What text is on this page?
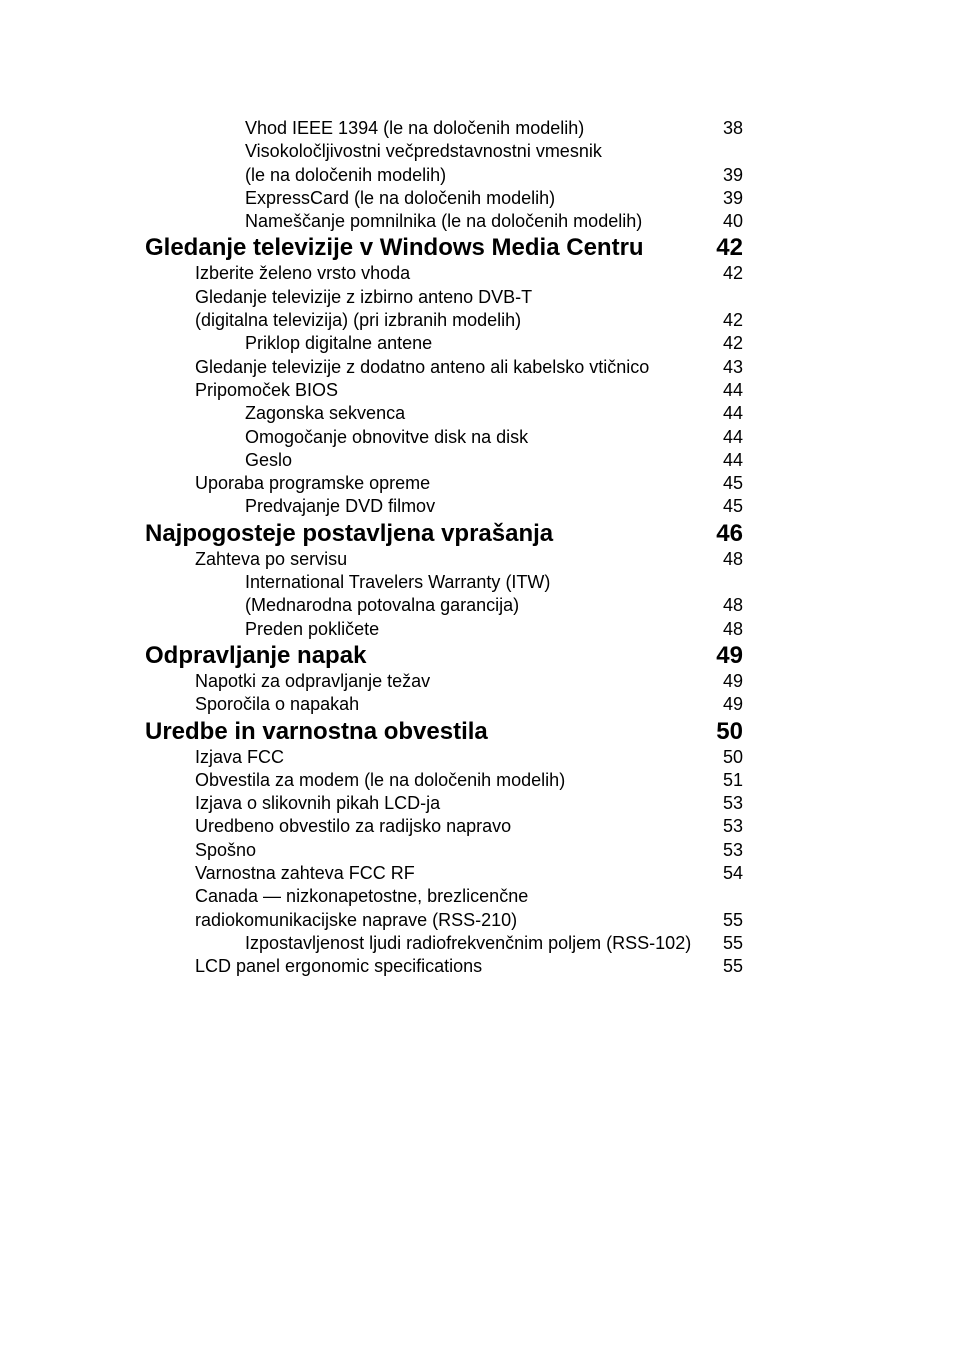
Vhod IEEE 1394 (le na določenih modelih)	38
Visokoločljivostni večpredstavnostni vmesnik
(le na določenih modelih)	39
ExpressCard (le na določenih modelih)	39
Nameščanje pomnilnika (le na določenih modelih)	40
Gledanje televizije v Windows Media Centru	42
Izberite želeno vrsto vhoda	42
Gledanje televizije z izbirno anteno DVB-T
(digitalna televizija) (pri izbranih modelih)	42
Priklop digitalne antene	42
Gledanje televizije z dodatno anteno ali kabelsko vtičnico	43
Pripomoček BIOS	44
Zagonska sekvenca	44
Omogočanje obnovitve disk na disk	44
Geslo	44
Uporaba programske opreme	45
Predvajanje DVD filmov	45
Najpogosteje postavljena vprašanja	46
Zahteva po servisu	48
International Travelers Warranty (ITW)
(Mednarodna potovalna garancija)	48
Preden pokličete	48
Odpravljanje napak	49
Napotki za odpravljanje težav	49
Sporočila o napakah	49
Uredbe in varnostna obvestila	50
Izjava FCC	50
Obvestila za modem (le na določenih modelih)	51
Izjava o slikovnih pikah LCD-ja	53
Uredbeno obvestilo za radijsko napravo	53
Spošno	53
Varnostna zahteva FCC RF	54
Canada — nizkonapetostne, brezlicenčne
radiokomunikacijske naprave (RSS-210)	55
Izpostavljenost ljudi radiofrekvenčnim poljem (RSS-102) 55
LCD panel ergonomic specifications	55
